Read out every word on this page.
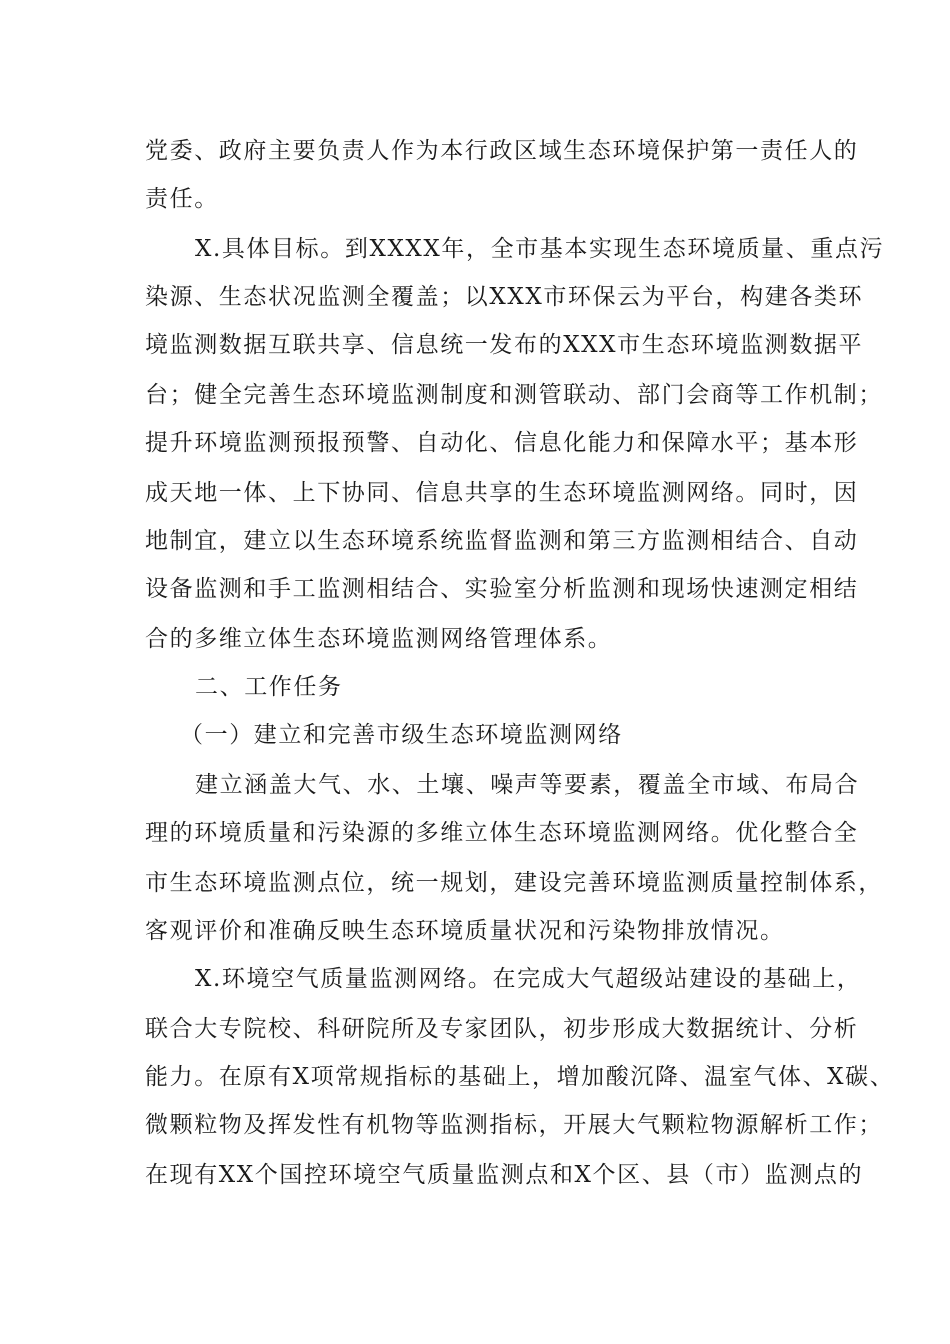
党委、政府主要负责人作为本行政区域生态环境保护第一责任人的
责任。
X.具体目标。到XXXX年，全市基本实现生态环境质量、重点污
染源、生态状况监测全覆盖；以XXX市环保云为平台，构建各类环
境监测数据互联共享、信息统一发布的XXX市生态环境监测数据平
台；健全完善生态环境监测制度和测管联动、部门会商等工作机制；
提升环境监测预报预警、自动化、信息化能力和保障水平；基本形
成天地一体、上下协同、信息共享的生态环境监测网络。同时，因
地制宜，建立以生态环境系统监督监测和第三方监测相结合、自动
设备监测和手工监测相结合、实验室分析监测和现场快速测定相结
合的多维立体生态环境监测网络管理体系。
二、工作任务
（一）建立和完善市级生态环境监测网络
建立涵盖大气、水、土壤、噪声等要素，覆盖全市域、布局合
理的环境质量和污染源的多维立体生态环境监测网络。优化整合全
市生态环境监测点位，统一规划，建设完善环境监测质量控制体系，
客观评价和准确反映生态环境质量状况和污染物排放情况。
X.环境空气质量监测网络。在完成大气超级站建设的基础上，
联合大专院校、科研院所及专家团队，初步形成大数据统计、分析
能力。在原有X项常规指标的基础上，增加酸沉降、温室气体、X碳、
微颗粒物及挥发性有机物等监测指标，开展大气颗粒物源解析工作；
在现有XX个国控环境空气质量监测点和X个区、县（市）监测点的
